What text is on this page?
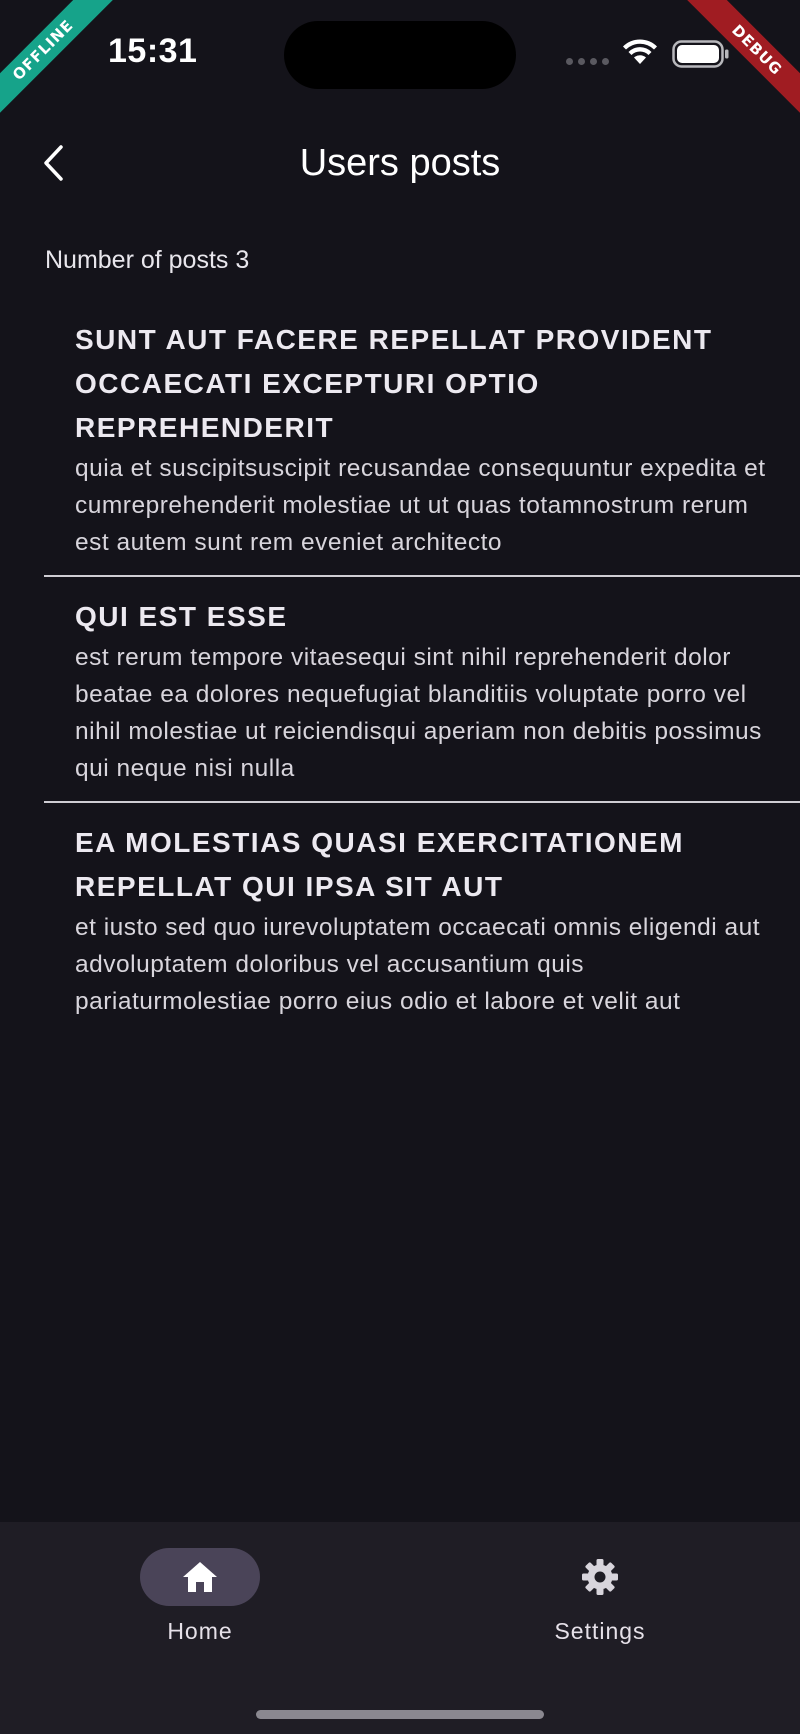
15:31
OFFLINE	DEBUG
Users posts
Number of posts 3
SUNT AUT FACERE REPELLAT PROVIDENT OCCAECATI EXCEPTURI OPTIO REPREHENDERIT
quia et suscipitsuscipit recusandae consequuntur expedita et cumreprehenderit molestiae ut ut quas totamnostrum rerum est autem sunt rem eveniet architecto
QUI EST ESSE
est rerum tempore vitaesequi sint nihil reprehenderit dolor beatae ea dolores nequefugiat blanditiis voluptate porro vel nihil molestiae ut reiciendisqui aperiam non debitis possimus qui neque nisi nulla
EA MOLESTIAS QUASI EXERCITATIONEM REPELLAT QUI IPSA SIT AUT
et iusto sed quo iurevoluptatem occaecati omnis eligendi aut advoluptatem doloribus vel accusantium quis pariaturmolestiae porro eius odio et labore et velit aut
Home	Settings
